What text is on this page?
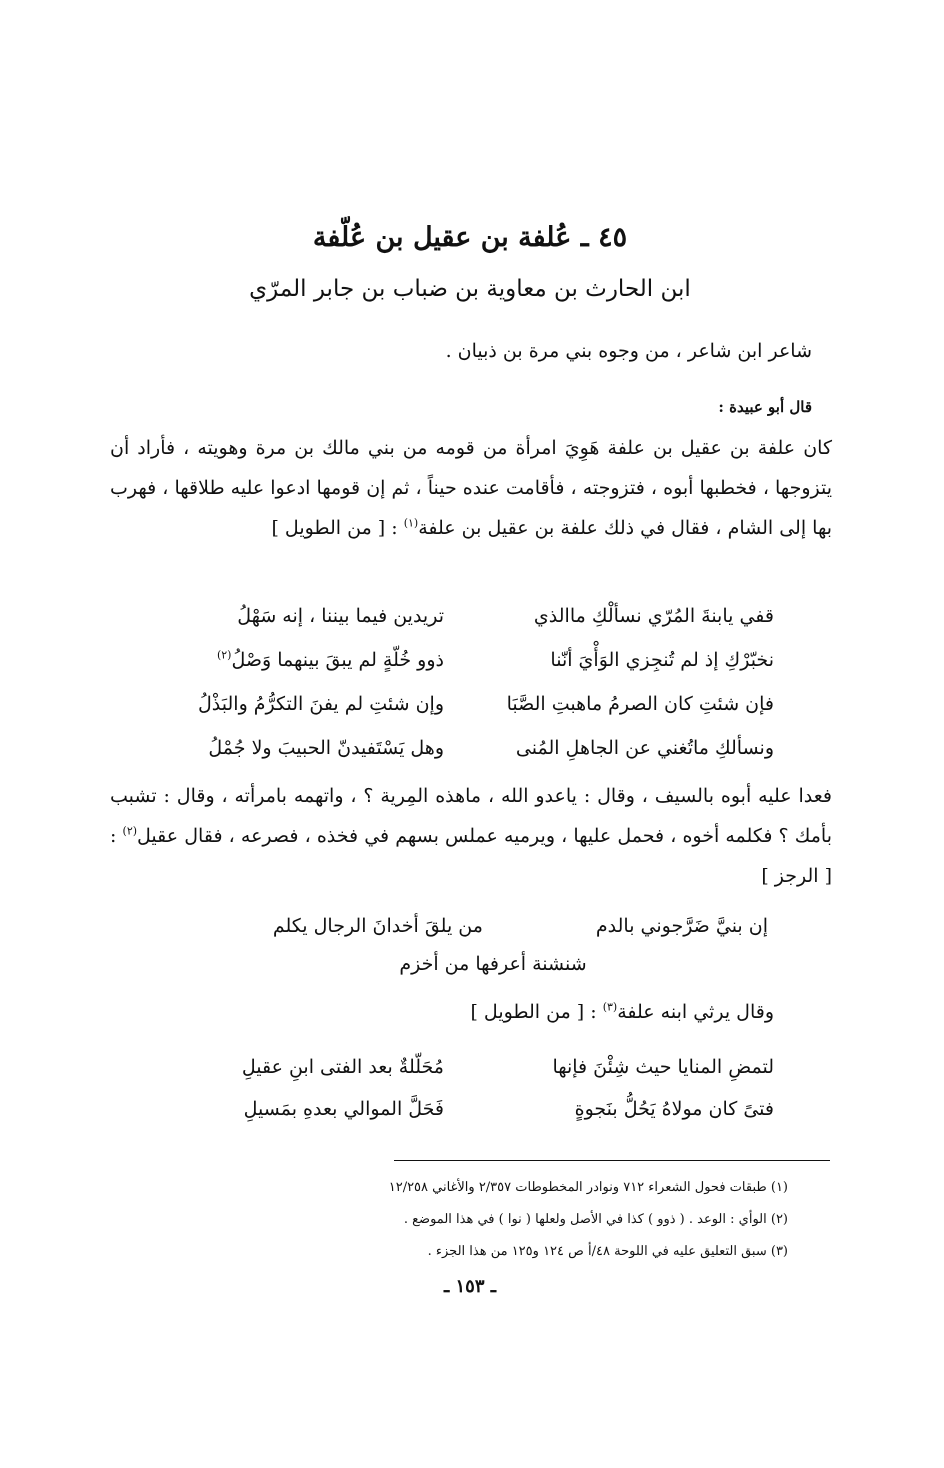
٤٥ ـ عُلفة بن عقيل بن عُلّفة
ابن الحارث بن معاوية بن ضباب بن جابر المرّي
شاعر ابن شاعر ، من وجوه بني مرة بن ذبيان .
قال أبو عبيدة :
كان علفة بن عقيل بن علفة هَوِيَ امرأة من قومه من بني مالك بن مرة وهويته ، فأراد أن يتزوجها ، فخطبها أبوه ، فتزوجته ، فأقامت عنده حيناً ، ثم إن قومها ادعوا عليه طلاقها ، فهرب بها إلى الشام ، فقال في ذلك علفة بن عقيل بن علفة$^{(١)}$ : [ من الطويل ]
قفي يابنةَ المُرّي نسألْكِ ماالذي
تريدين فيما بيننا ، إنه سَهْلُ
نخبّرْكِ إذ لم تُنجِزي الوَأْيَ أنّنا
ذوو خُلّةٍ لم يبقَ بينهما وَصْلُ$^{(٢)}$
فإن شئتِ كان الصرمُ ماهبتِ الصَّبَا
وإن شئتِ لم يفنَ التكرُّمُ والبَذْلُ
ونسألكِ ماتُغني عن الجاهلِ المُنى
وهل يَسْتَفيدنّ الحبيبَ ولا جُمْلُ
فعدا عليه أبوه بالسيف ، وقال : ياعدو الله ، ماهذه المِرية ؟ ، واتهمه بامرأته ، وقال : تشبب بأمك ؟ فكلمه أخوه ، فحمل عليها ، ويرميه عملس بسهم في فخذه ، فصرعه ، فقال عقيل$^{(٢)}$ : [ الرجز ]
إن بنيَّ ضَرَّجوني بالدم
من يلقَ أخدانَ الرجال يكلم
شنشنة أعرفها من أخزم
وقال يرثي ابنه علفة$^{(٣)}$ : [ من الطويل ]
لتمضِ المنايا حيث شِئْنَ فإنها
مُحَلّلةٌ بعد الفتى ابنِ عقيلِ
فتىً كان مولاهُ يَحُلُّ بنَجوةٍ
فَحَلَّ الموالي بعدهِ بمَسيلِ
(١) طبقات فحول الشعراء ٧١٢ ونوادر المخطوطات ٢/٣٥٧ والأغاني ١٢/٢٥٨
(٢) الوأي : الوعد . ( ذوو ) كذا في الأصل ولعلها ( نوا ) في هذا الموضع .
(٣) سبق التعليق عليه في اللوحة ٤٨/أ ص ١٢٤ و١٢٥ من هذا الجزء .
ـ ١٥٣ ـ
